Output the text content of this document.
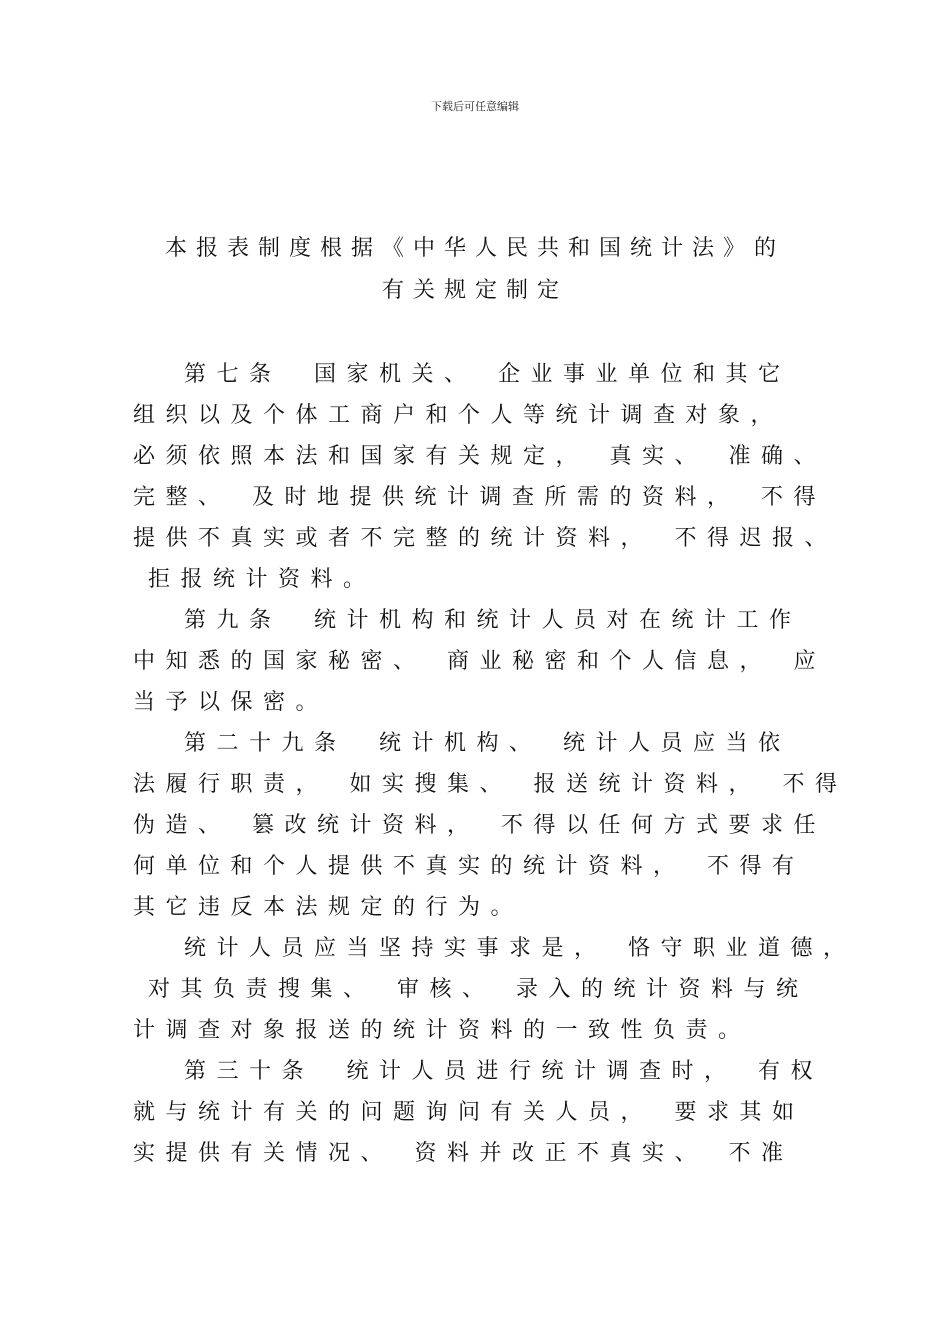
下载后可任意编辑
本报表制度根据《中华人民共和国统计法》的
有关规定制定
第七条　国家机关、　企业事业单位和其它
组织以及个体工商户和个人等统计调查对象，
必须依照本法和国家有关规定，　真实、　准确、
完整、　及时地提供统计调查所需的资料，　不得
提供不真实或者不完整的统计资料，　不得迟报、
拒报统计资料。
第九条　统计机构和统计人员对在统计工作
中知悉的国家秘密、　商业秘密和个人信息，　应
当予以保密。
第二十九条　统计机构、　统计人员应当依
法履行职责，　如实搜集、　报送统计资料，　不得
伪造、　篡改统计资料，　不得以任何方式要求任
何单位和个人提供不真实的统计资料，　不得有
其它违反本法规定的行为。
统计人员应当坚持实事求是，　恪守职业道德，
对其负责搜集、　审核、　录入的统计资料与统
计调查对象报送的统计资料的一致性负责。
第三十条　统计人员进行统计调查时，　有权
就与统计有关的问题询问有关人员，　要求其如
实提供有关情况、　资料并改正不真实、　不准
